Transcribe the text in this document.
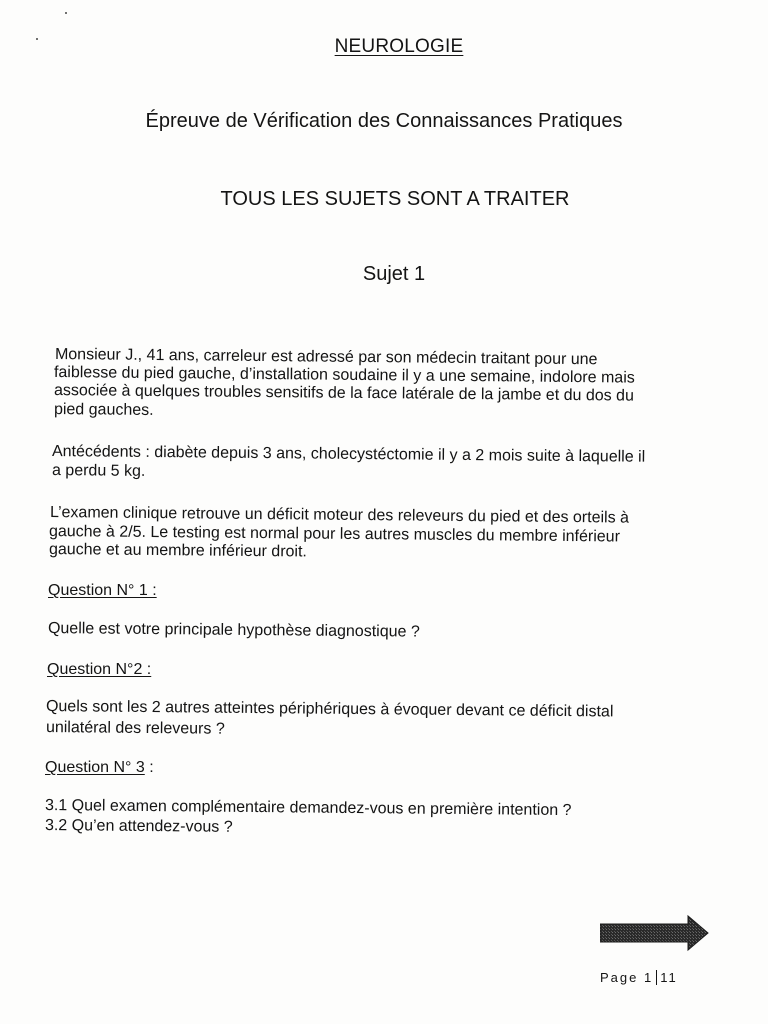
NEUROLOGIE
Épreuve de Vérification des Connaissances Pratiques
TOUS LES SUJETS SONT A TRAITER
Sujet 1
Monsieur J., 41 ans, carreleur est adressé par son médecin traitant pour une
faiblesse du pied gauche, d’installation soudaine il y a une semaine, indolore mais
associée à quelques troubles sensitifs de la face latérale de la jambe et du dos du
pied gauches.
Antécédents : diabète depuis 3 ans, cholecystéctomie il y a 2 mois suite à laquelle il
a perdu 5 kg.
L’examen clinique retrouve un déficit moteur des releveurs du pied et des orteils à
gauche à 2/5. Le testing est normal pour les autres muscles du membre inférieur
gauche et au membre inférieur droit.
Question N° 1 :
Quelle est votre principale hypothèse diagnostique ?
Question N°2 :
Quels sont les 2 autres atteintes périphériques à évoquer devant ce déficit distal
unilatéral des releveurs ?
Question N° 3 :
3.1 Quel examen complémentaire demandez-vous en première intention ?
3.2 Qu’en attendez-vous ?
Page 1 11
